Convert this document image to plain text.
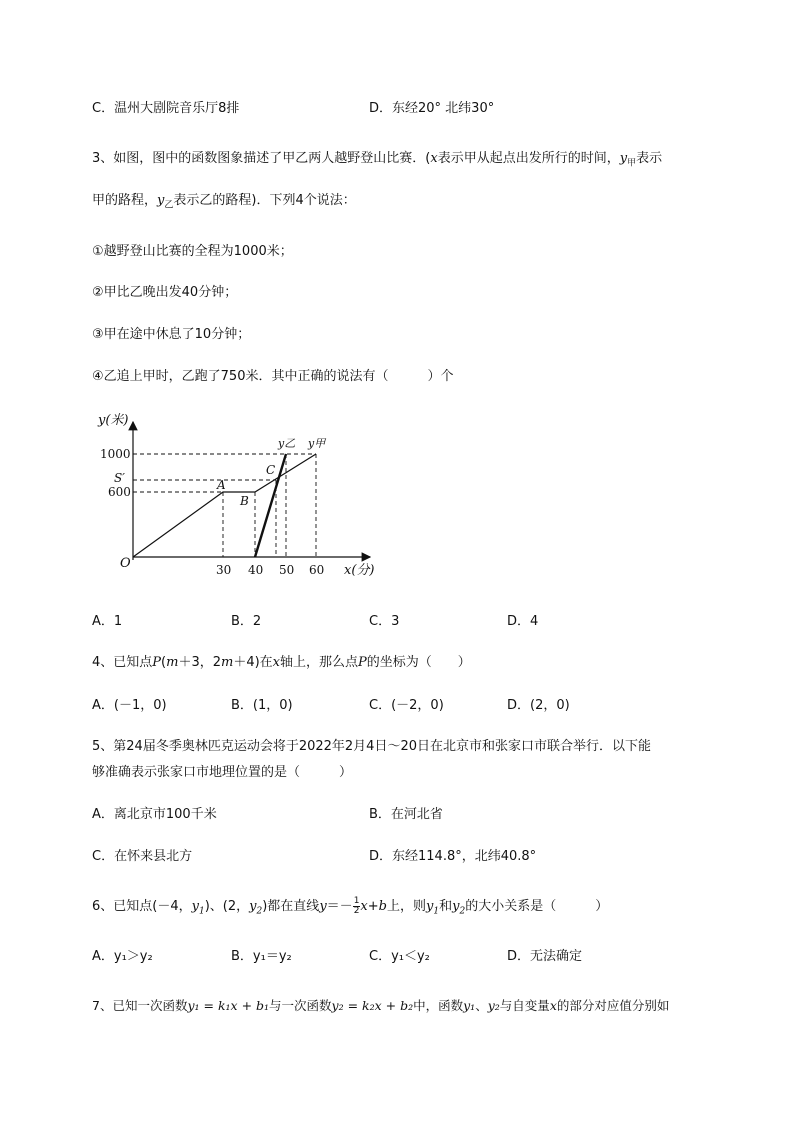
C．温州大剧院音乐厅8排	D．东经20° 北纬30°
3、如图，图中的函数图象描述了甲乙两人越野登山比赛．(x表示甲从起点出发所行的时间，$y_甲$表示
甲的路程，$y_乙$表示乙的路程)．下列4个说法：
①越野登山比赛的全程为1000米；
②甲比乙晚出发40分钟；
③甲在途中休息了10分钟；
④乙追上甲时，乙跑了750米．其中正确的说法有（　　　）个
y(米)
x(分)
O
1000
S′
600
30 40 50 60
A
B
C
y乙 y甲
A．1	B．2	C．3	D．4
4、已知点P(m＋3，2m＋4)在x轴上，那么点P的坐标为（　　）
A．(－1，0)	B．(1，0)	C．(－2，0)	D．(2，0)
5、第24届冬季奥林匹克运动会将于2022年2月4日～20日在北京市和张家口市联合举行．以下能
够准确表示张家口市地理位置的是（　　　）
A．离北京市100千米	B．在河北省
C．在怀来县北方	D．东经114.8°，北纬40.8°
6、已知点(－4，$y_1$)、(2，$y_2$)都在直线$y=- \frac{1}{2} x+b$上，则$y_1$和$y_2$的大小关系是（　　　）
A．y₁＞y₂	B．y₁＝y₂	C．y₁＜y₂	D．无法确定
7、已知一次函数y₁ = k₁x + b₁与一次函数y₂ = k₂x + b₂中，函数y₁、y₂与自变量x的部分对应值分别如
